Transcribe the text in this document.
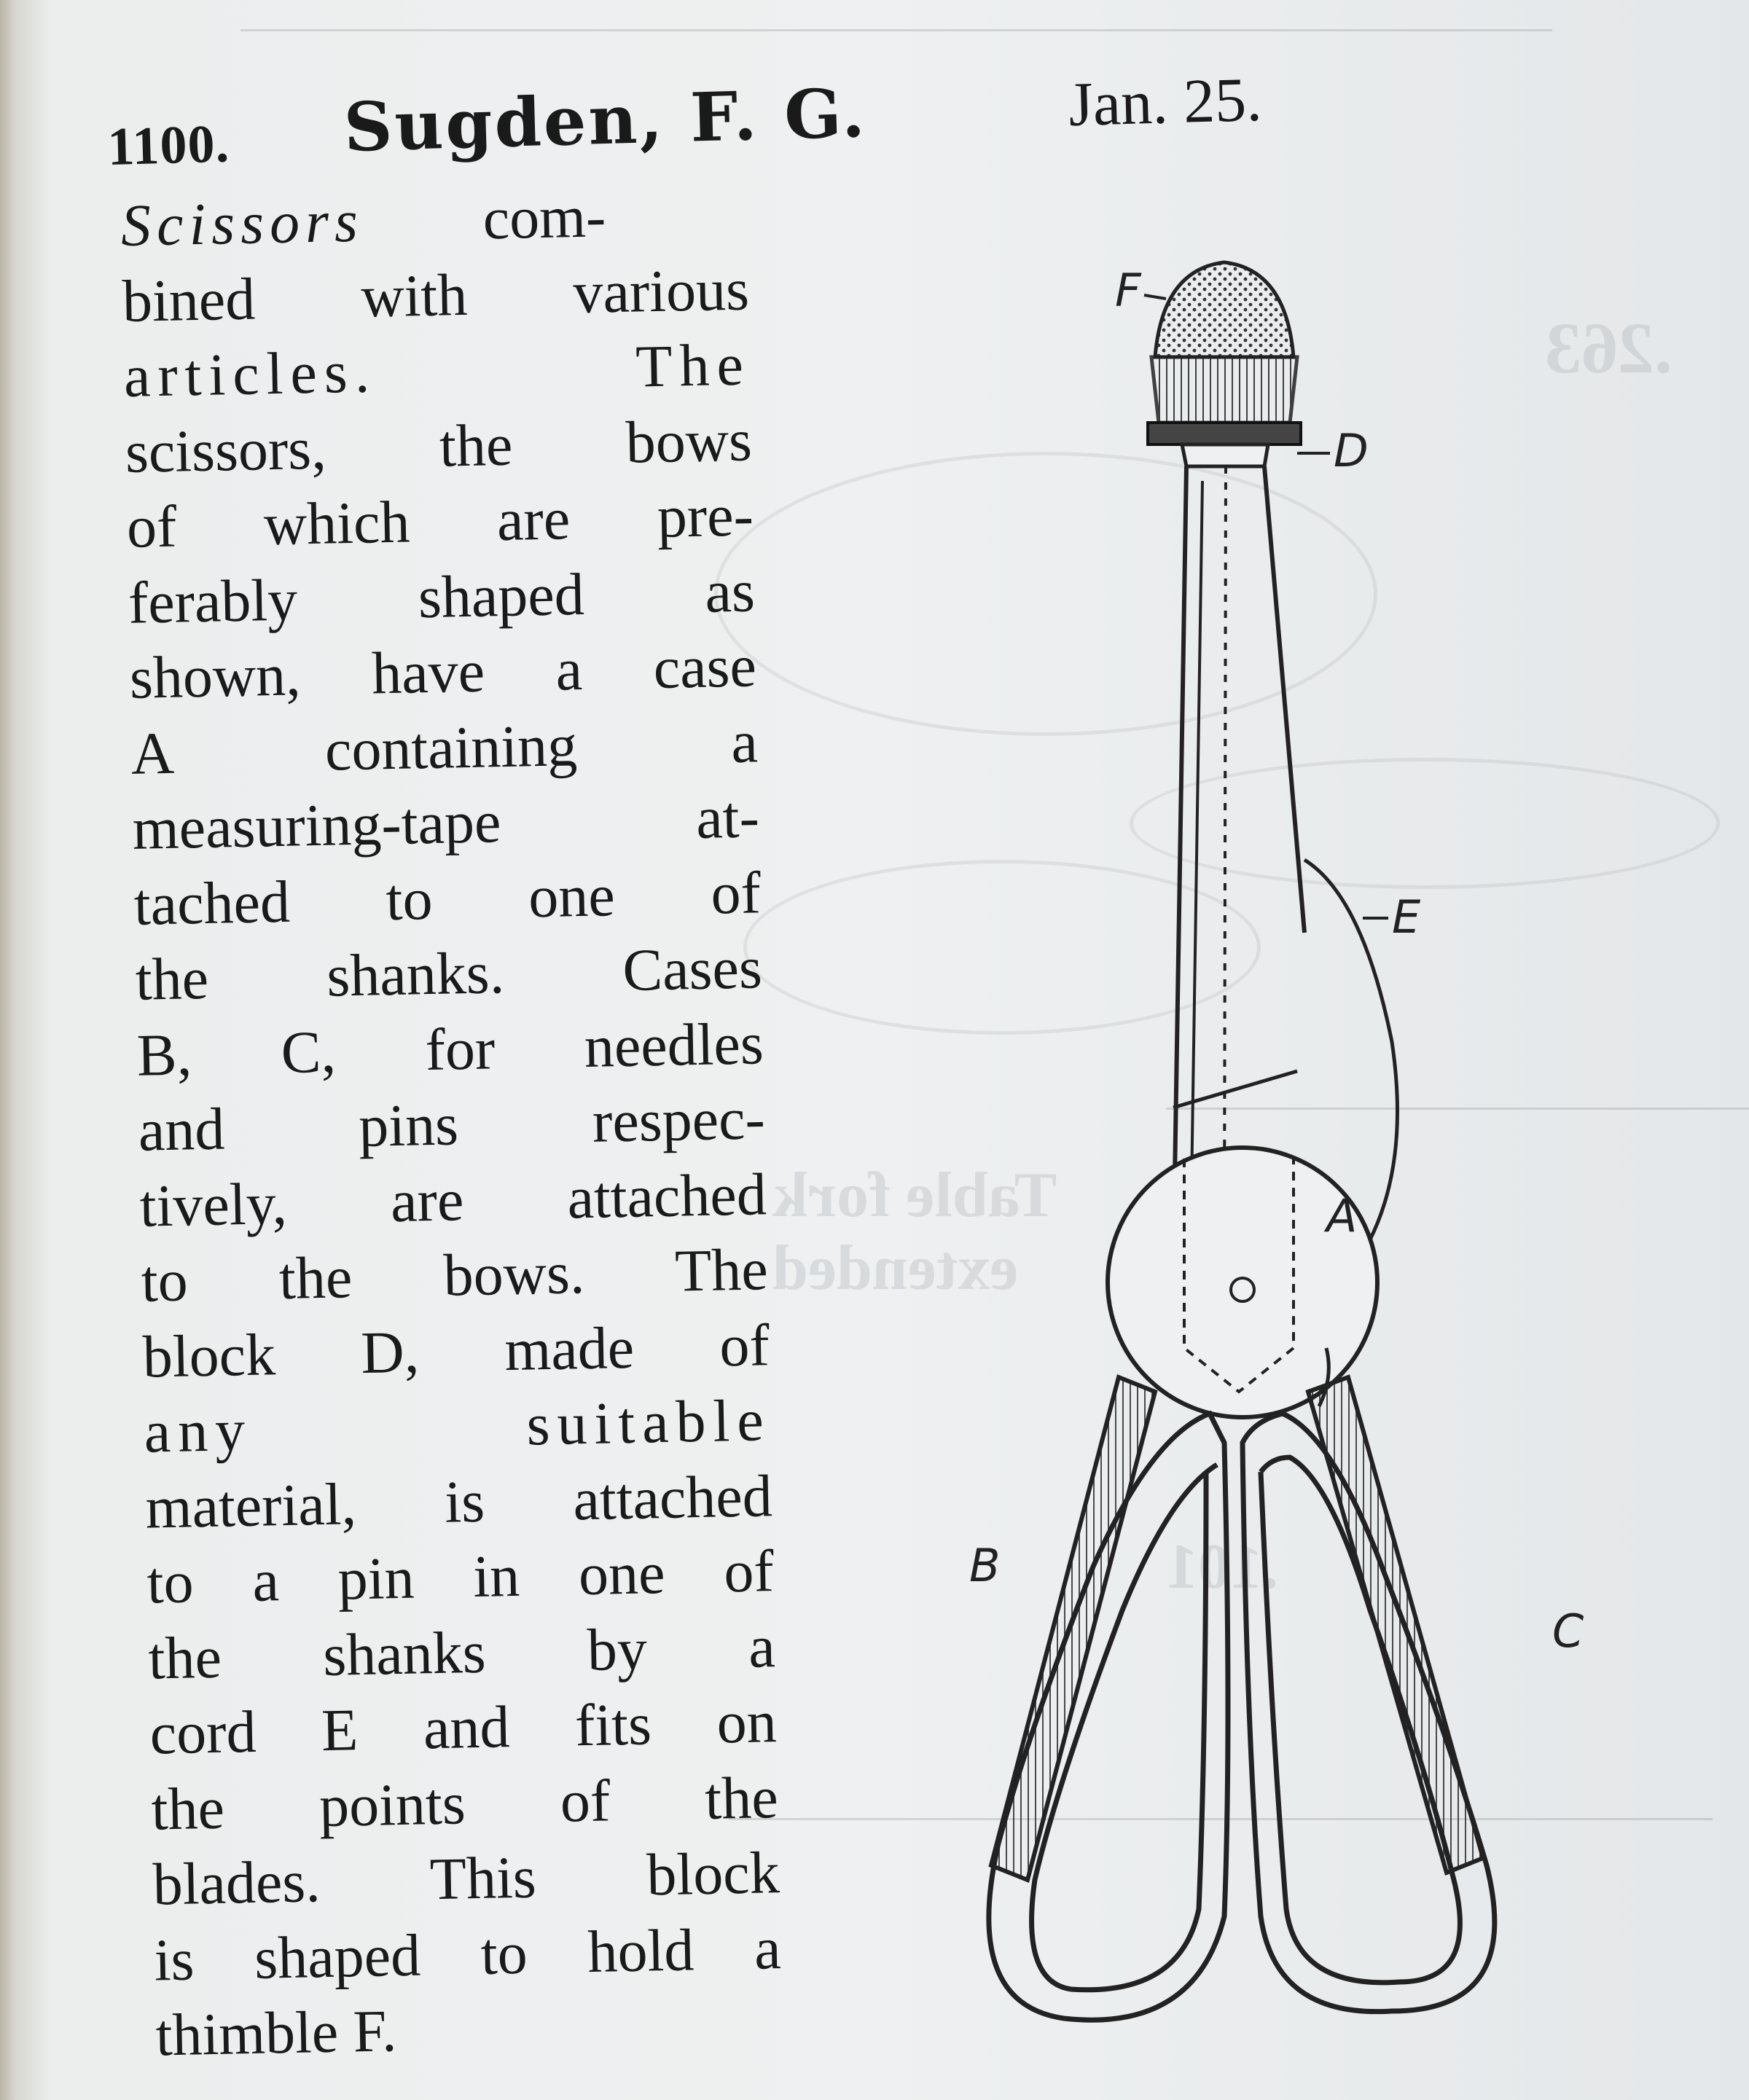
.263
Table fork
extended
.101
1100. Sugden, F. G.	Jan. 25.
Scissors   com-
bined with various
articles. The
scissors, the bows
of which are pre-
ferably shaped as
shown, have a case
A containing a
measuring-tape at-
tached to one of
the shanks. Cases
B, C, for needles
and pins respec-
tively, are attached
to the bows. The
block D, made of
any suitable
material, is attached
to a pin in one of
the shanks by a
cord E and fits on
the points of the
blades. This block
is shaped to hold a
thimble F.
F
D
E
A
B
C
